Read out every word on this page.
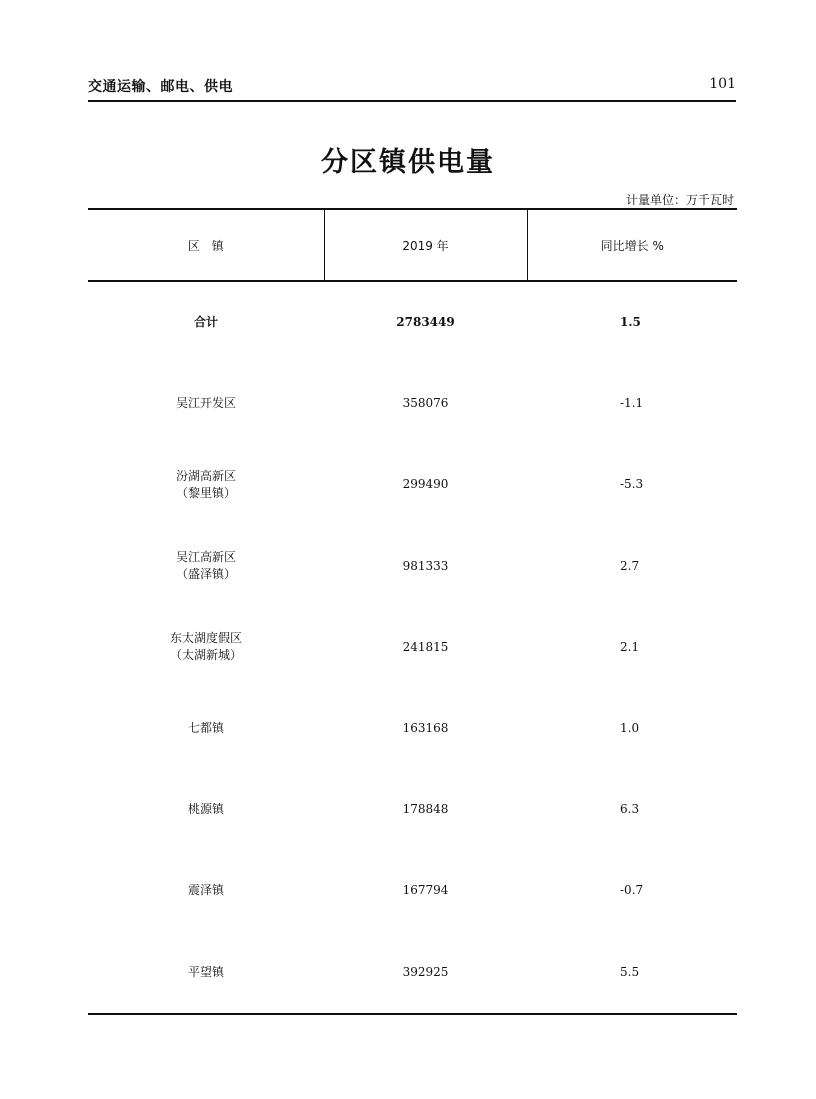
交通运输、邮电、供电	101
分区镇供电量
计量单位：万千瓦时
区　镇	2019 年	同比增长 %

合计	2783449	1.5

吴江开发区	358076	-1.1

汾湖高新区
（黎里镇）	299490	-5.3

吴江高新区
（盛泽镇）	981333	2.7

东太湖度假区
（太湖新城）	241815	2.1

七都镇	163168	1.0

桃源镇	178848	6.3

震泽镇	167794	-0.7

平望镇	392925	5.5
